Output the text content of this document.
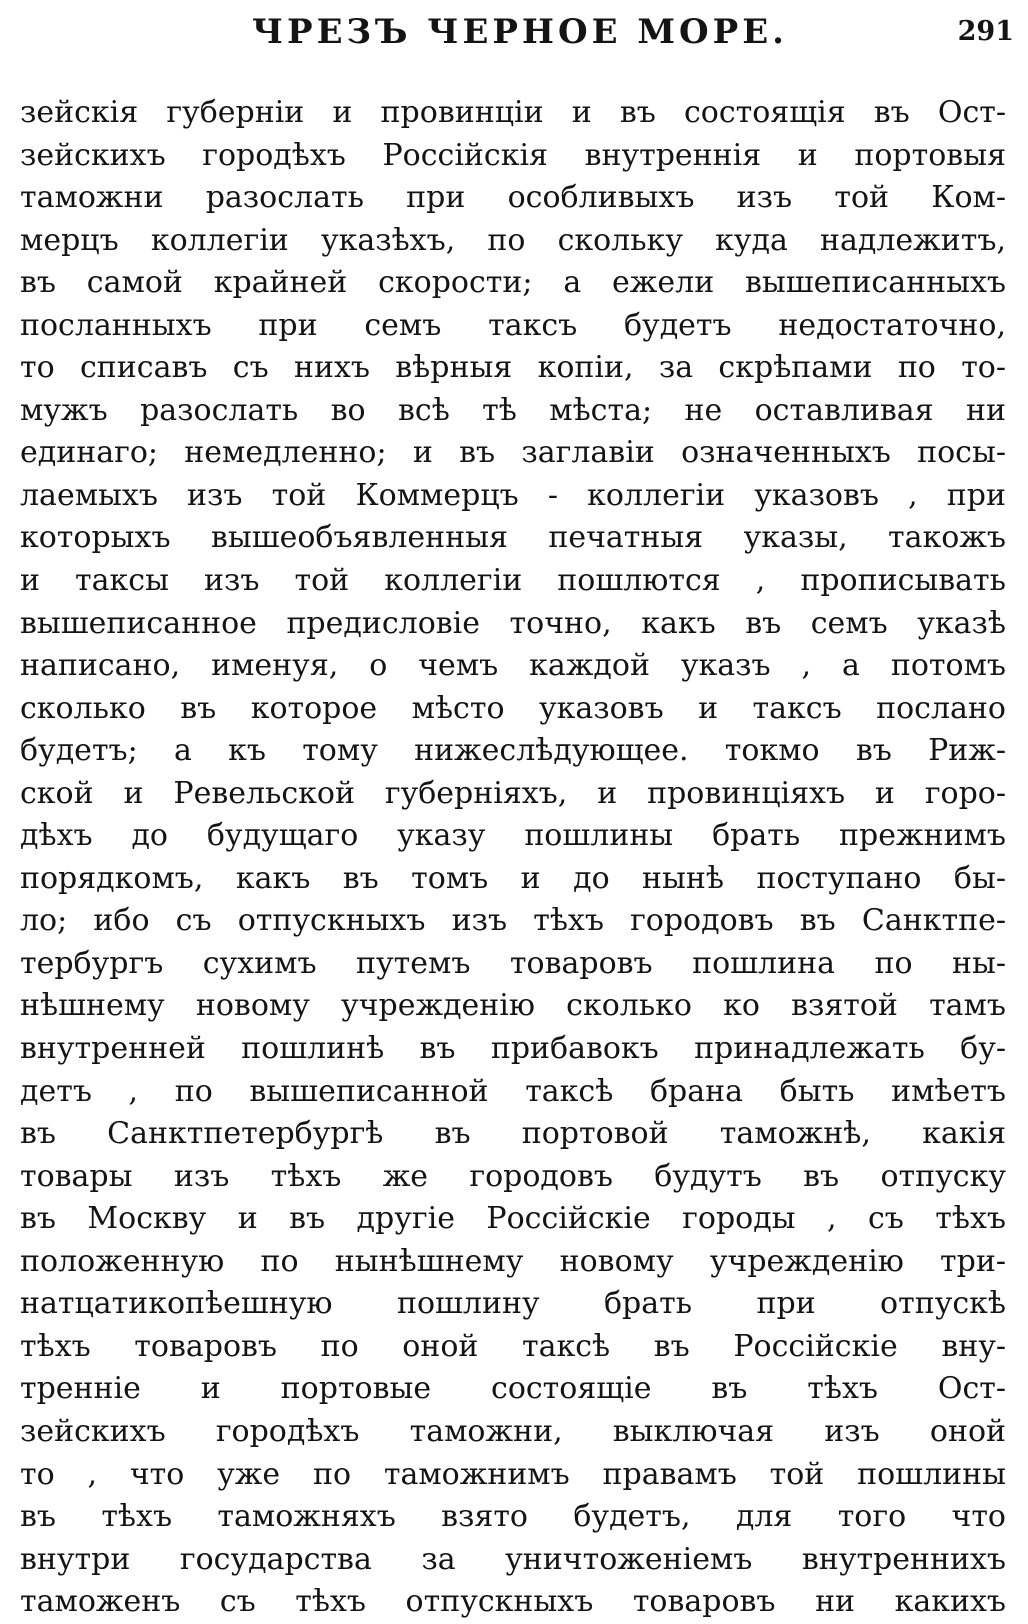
ЧРЕЗЪ ЧЕРНОЕ МОРЕ.	291
зейскія губерніи и провинціи и въ состоящія въ Ост-
зейскихъ городѣхъ Россійскія внутреннія и портовыя
таможни разослать при особливыхъ изъ той Ком-
мерцъ коллегіи указѣхъ, по скольку куда надлежитъ,
въ самой крайней скорости; а ежели вышеписанныхъ
посланныхъ при семъ таксъ будетъ недостаточно,
то списавъ съ нихъ вѣрныя копіи, за скрѣпами по то-
мужъ разослать во всѣ тѣ мѣста; не оставливая ни
единаго; немедленно; и въ заглавіи означенныхъ посы-
лаемыхъ изъ той Коммерцъ - коллегіи указовъ , при
которыхъ вышеобъявленныя печатныя указы, такожъ
и таксы изъ той коллегіи пошлются , прописывать
вышеписанное предисловіе точно, какъ въ семъ указѣ
написано, именуя, о чемъ каждой указъ , а потомъ
сколько въ которое мѣсто указовъ и таксъ послано
будетъ; а къ тому нижеслѣдующее. токмо въ Риж-
ской и Ревельской губерніяхъ, и провинціяхъ и горо-
дѣхъ до будущаго указу пошлины брать прежнимъ
порядкомъ, какъ въ томъ и до нынѣ поступано бы-
ло; ибо съ отпускныхъ изъ тѣхъ городовъ въ Санктпе-
тербургъ сухимъ путемъ товаровъ пошлина по ны-
нѣшнему новому учрежденію сколько ко взятой тамъ
внутренней пошлинѣ въ прибавокъ принадлежать бу-
детъ , по вышеписанной таксѣ брана быть имѣетъ
въ Санктпетербургѣ въ портовой таможнѣ, какія
товары изъ тѣхъ же городовъ будутъ въ отпуску
въ Москву и въ другіе Россійскіе городы , съ тѣхъ
положенную по нынѣшнему новому учрежденію три-
натцатикопѣешную пошлину брать при отпускѣ
тѣхъ товаровъ по оной таксѣ въ Россійскіе вну-
тренніе и портовые состоящіе въ тѣхъ Ост-
зейскихъ городѣхъ таможни, выключая изъ оной
то , что уже по таможнимъ правамъ той пошлины
въ тѣхъ таможняхъ взято будетъ, для того что
внутри государства за уничтоженіемъ внутреннихъ
таможенъ съ тѣхъ отпускныхъ товаровъ ни какихъ
